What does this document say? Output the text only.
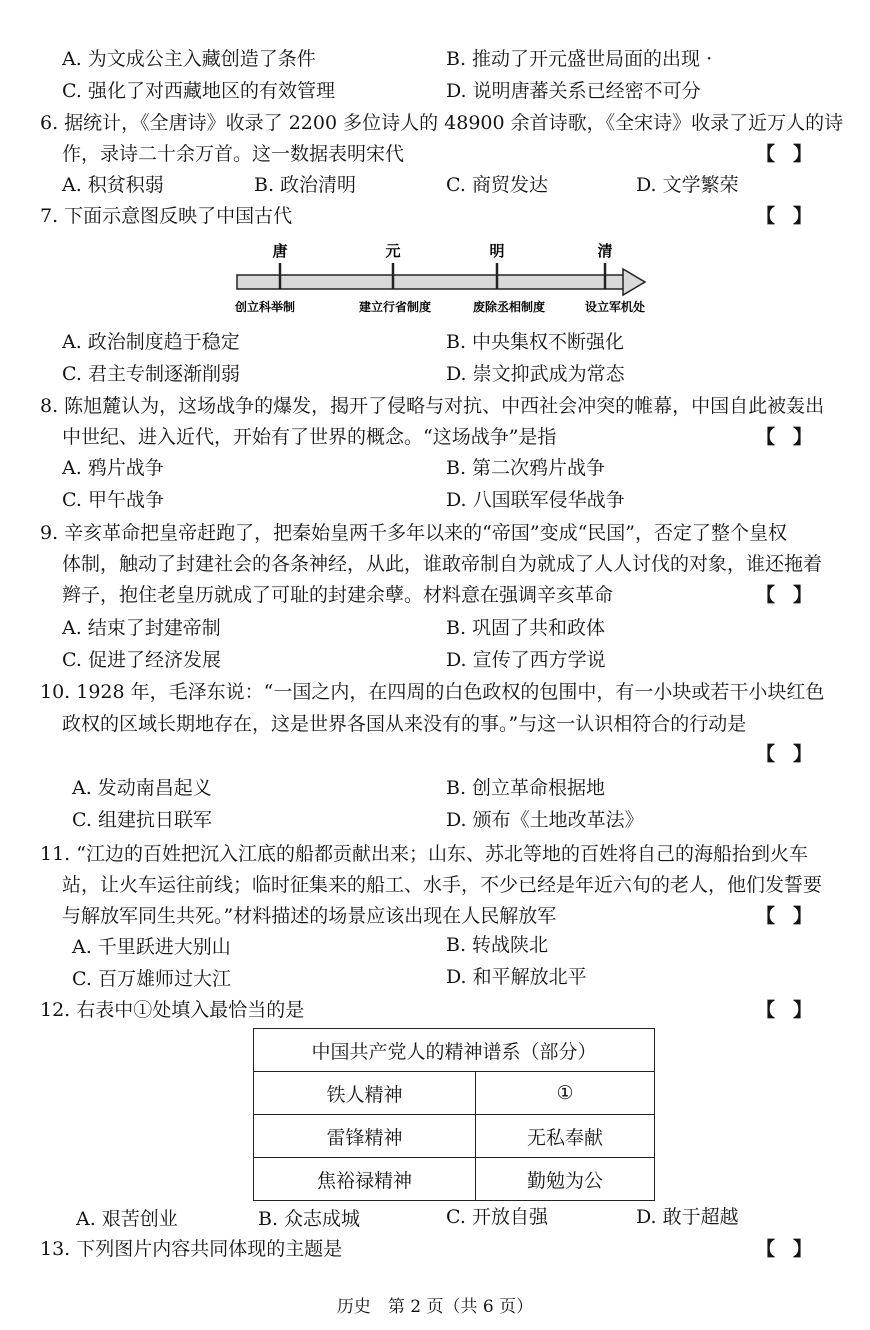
A. 为文成公主入藏创造了条件	B. 推动了开元盛世局面的出现 ·
C. 强化了对西藏地区的有效管理	D. 说明唐蕃关系已经密不可分
6. 据统计，《全唐诗》收录了 2200 多位诗人的 48900 余首诗歌，《全宋诗》收录了近万人的诗
作，录诗二十余万首。这一数据表明宋代	【】
A. 积贫积弱	B. 政治清明	C. 商贸发达	D. 文学繁荣
7. 下面示意图反映了中国古代	【】
唐	元	明	清
创立科举制	建立行省制度	废除丞相制度	设立军机处
A. 政治制度趋于稳定	B. 中央集权不断强化
C. 君主专制逐渐削弱	D. 崇文抑武成为常态
8. 陈旭麓认为，这场战争的爆发，揭开了侵略与对抗、中西社会冲突的帷幕，中国自此被轰出
中世纪、进入近代，开始有了世界的概念。“这场战争”是指	【】
A. 鸦片战争	B. 第二次鸦片战争
C. 甲午战争	D. 八国联军侵华战争
9. 辛亥革命把皇帝赶跑了，把秦始皇两千多年以来的“帝国”变成“民国”，否定了整个皇权
体制，触动了封建社会的各条神经，从此，谁敢帝制自为就成了人人讨伐的对象，谁还拖着
辫子，抱住老皇历就成了可耻的封建余孽。材料意在强调辛亥革命	【】
A. 结束了封建帝制	B. 巩固了共和政体
C. 促进了经济发展	D. 宣传了西方学说
10. 1928 年，毛泽东说：“一国之内，在四周的白色政权的包围中，有一小块或若干小块红色
政权的区域长期地存在，这是世界各国从来没有的事。”与这一认识相符合的行动是
【】
A. 发动南昌起义	B. 创立革命根据地
C. 组建抗日联军	D. 颁布《土地改革法》
11. “江边的百姓把沉入江底的船都贡献出来；山东、苏北等地的百姓将自己的海船抬到火车
站，让火车运往前线；临时征集来的船工、水手，不少已经是年近六旬的老人，他们发誓要
与解放军同生共死。”材料描述的场景应该出现在人民解放军	【】
A. 千里跃进大别山	B. 转战陕北
C. 百万雄师过大江	D. 和平解放北平
12. 右表中①处填入最恰当的是	【】
中国共产党人的精神谱系（部分）	
铁人精神	①
雷锋精神	无私奉献
焦裕禄精神	勤勉为公
A. 艰苦创业	B. 众志成城	C. 开放自强	D. 敢于超越
13. 下列图片内容共同体现的主题是	【】
历史　第 2 页（共 6 页）
